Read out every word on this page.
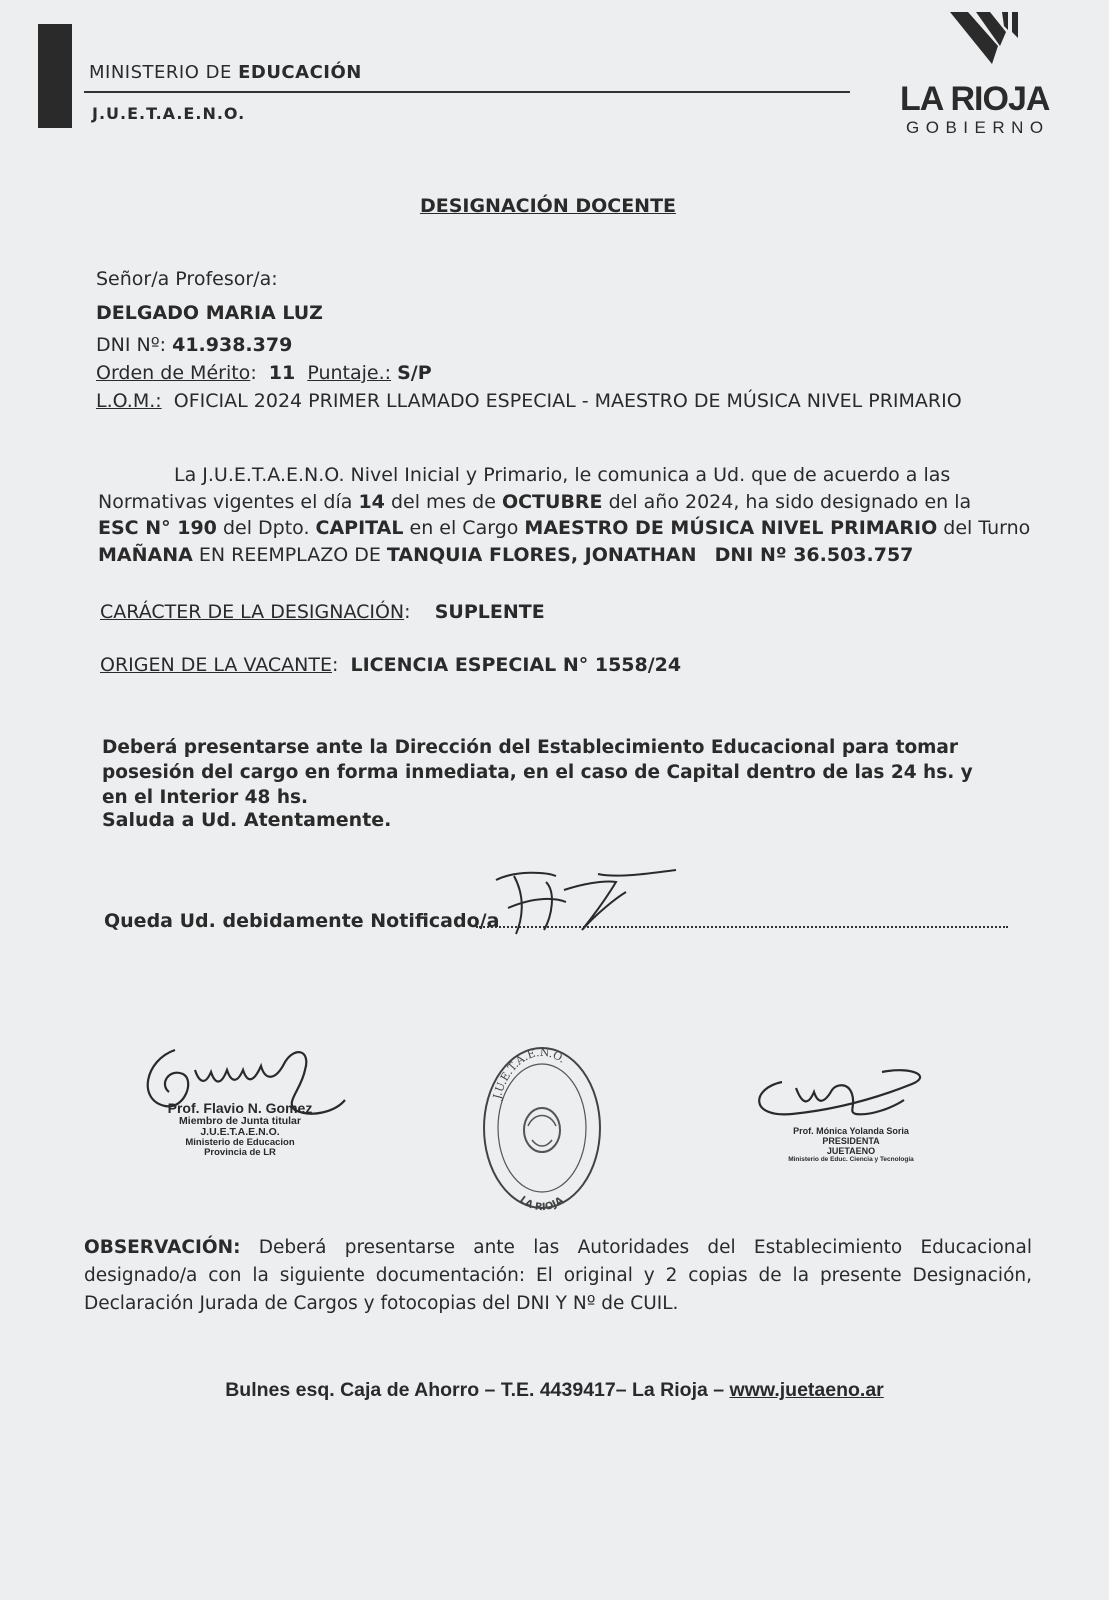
MINISTERIO DE EDUCACIÓN
J.U.E.T.A.E.N.O.	LA RIOJA
GOBIERNO
DESIGNACIÓN DOCENTE
Señor/a Profesor/a:
DELGADO MARIA LUZ
DNI Nº: 41.938.379
Orden de Mérito:  11 Puntaje.: S/P
L.O.M.: OFICIAL 2024 PRIMER LLAMADO ESPECIAL - MAESTRO DE MÚSICA NIVEL PRIMARIO
La J.U.E.T.A.E.N.O. Nivel Inicial y Primario, le comunica a Ud. que de acuerdo a las
Normativas vigentes el día 14 del mes de OCTUBRE del año 2024, ha sido designado en la
ESC N° 190 del Dpto. CAPITAL en el Cargo MAESTRO DE MÚSICA NIVEL PRIMARIO del Turno
MAÑANA EN REEMPLAZO DE TANQUIA FLORES, JONATHAN DNI Nº 36.503.757
CARÁCTER DE LA DESIGNACIÓN:    SUPLENTE
ORIGEN DE LA VACANTE:  LICENCIA ESPECIAL N° 1558/24
Deberá presentarse ante la Dirección del Establecimiento Educacional para tomar posesión del cargo en forma inmediata, en el caso de Capital dentro de las 24 hs. y en el Interior 48 hs.
Saluda a Ud. Atentamente.
Queda Ud. debidamente Notificado/a
Prof. Flavio N. Gomez
Miembro de Junta titular
J.U.E.T.A.E.N.O.
Ministerio de Educacion
Provincia de LR
J.U.E.T.A.E.N.O.
LA RIOJA
Prof. Mónica Yolanda Soria
PRESIDENTA
JUETAENO
Ministerio de Educ. Ciencia y Tecnología
OBSERVACIÓN: Deberá presentarse ante las Autoridades del Establecimiento Educacional designado/a con la siguiente documentación: El original y 2 copias de la presente Designación, Declaración Jurada de Cargos y fotocopias del DNI Y Nº de CUIL.
Bulnes esq. Caja de Ahorro – T.E. 4439417– La Rioja – www.juetaeno.ar
